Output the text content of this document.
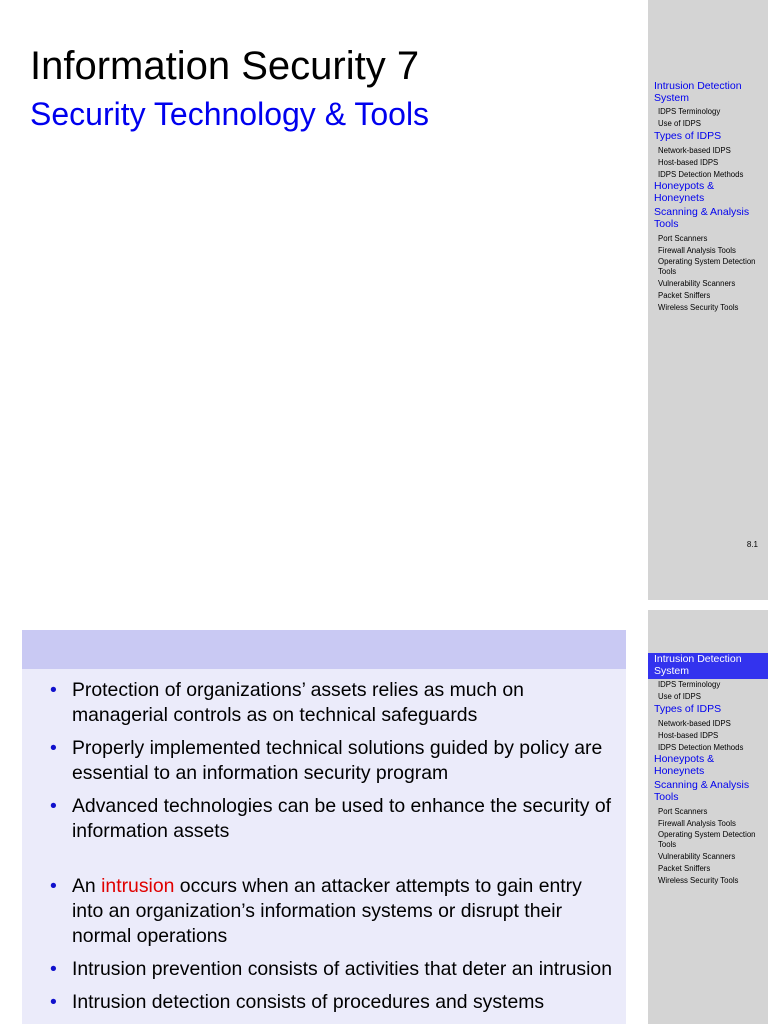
Information Security 7
Security Technology & Tools
Intrusion Detection System
IDPS Terminology
Use of IDPS
Types of IDPS
Network-based IDPS
Host-based IDPS
IDPS Detection Methods
Honeypots & Honeynets
Scanning & Analysis Tools
Port Scanners
Firewall Analysis Tools
Operating System Detection Tools
Vulnerability Scanners
Packet Sniffers
Wireless Security Tools
8.1
• Protection of organizations’ assets relies as much on managerial controls as on technical safeguards
• Properly implemented technical solutions guided by policy are essential to an information security program
• Advanced technologies can be used to enhance the security of information assets
• An intrusion occurs when an attacker attempts to gain entry into an organization’s information systems or disrupt their normal operations
• Intrusion prevention consists of activities that deter an intrusion
• Intrusion detection consists of procedures and systems
Intrusion Detection System
IDPS Terminology
Use of IDPS
Types of IDPS
Network-based IDPS
Host-based IDPS
IDPS Detection Methods
Honeypots & Honeynets
Scanning & Analysis Tools
Port Scanners
Firewall Analysis Tools
Operating System Detection Tools
Vulnerability Scanners
Packet Sniffers
Wireless Security Tools
